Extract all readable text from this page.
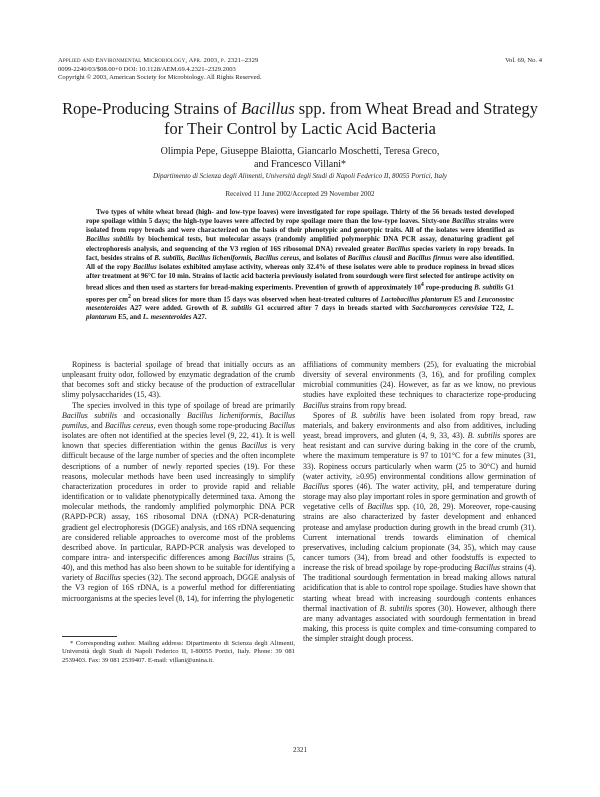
Applied and Environmental Microbiology, Apr. 2003, p. 2321–2329
0099-2240/03/$08.00+0 DOI: 10.1128/AEM.69.4.2321–2329.2003
Copyright © 2003, American Society for Microbiology. All Rights Reserved.
Vol. 69, No. 4
Rope-Producing Strains of Bacillus spp. from Wheat Bread and Strategy for Their Control by Lactic Acid Bacteria
Olimpia Pepe, Giuseppe Blaiotta, Giancarlo Moschetti, Teresa Greco,
and Francesco Villani*
Dipartimento di Scienza degli Alimenti, Università degli Studi di Napoli Federico II, 80055 Portici, Italy
Received 11 June 2002/Accepted 29 November 2002

Two types of white wheat bread (high- and low-type loaves) were investigated for rope spoilage. Thirty of the 56 breads tested developed rope spoilage within 5 days; the high-type loaves were affected by rope spoilage more than the low-type loaves. Sixty-one Bacillus strains were isolated from ropy breads and were characterized on the basis of their phenotypic and genotypic traits. All of the isolates were identified as Bacillus subtilis by biochemical tests, but molecular assays (randomly amplified polymorphic DNA PCR assay, denaturing gradient gel electrophoresis analysis, and sequencing of the V3 region of 16S ribosomal DNA) revealed greater Bacillus species variety in ropy breads. In fact, besides strains of B. subtilis, Bacillus licheniformis, Bacillus cereus, and isolates of Bacillus clausii and Bacillus firmus were also identified. All of the ropy Bacillus isolates exhibited amylase activity, whereas only 32.4% of these isolates were able to produce ropiness in bread slices after treatment at 96°C for 10 min. Strains of lactic acid bacteria previously isolated from sourdough were first selected for antirope activity on bread slices and then used as starters for bread-making experiments. Prevention of growth of approximately $10^4$ rope-producing B. subtilis G1 spores per $cm^2$ on bread slices for more than 15 days was observed when heat-treated cultures of Lactobacillus plantarum E5 and Leuconostoc mesenteroides A27 were added. Growth of B. subtilis G1 occurred after 7 days in breads started with Saccharomyces cerevisiae T22, L. plantarum E5, and L. mesenteroides A27.

Ropiness is bacterial spoilage of bread that initially occurs as an unpleasant fruity odor, followed by enzymatic degradation of the crumb that becomes soft and sticky because of the production of extracellular slimy polysaccharides (15, 43).

The species involved in this type of spoilage of bread are primarily Bacillus subtilis and occasionally Bacillus licheniformis, Bacillus pumilus, and Bacillus cereus, even though some rope-producing Bacillus isolates are often not identified at the species level (9, 22, 41). It is well known that species differentiation within the genus Bacillus is very difficult because of the large number of species and the often incomplete descriptions of a number of newly reported species (19). For these reasons, molecular methods have been used increasingly to simplify characterization procedures in order to provide rapid and reliable identification or to validate phenotypically determined taxa. Among the molecular methods, the randomly amplified polymorphic DNA PCR (RAPD-PCR) assay, 16S ribosomal DNA (rDNA) PCR-denaturing gradient gel electrophoresis (DGGE) analysis, and 16S rDNA sequencing are considered reliable approaches to overcome most of the problems described above. In particular, RAPD-PCR analysis was developed to compare intra- and interspecific differences among Bacillus strains (5, 40), and this method has also been shown to be suitable for identifying a variety of Bacillus species (32). The second approach, DGGE analysis of the V3 region of 16S rDNA, is a powerful method for differentiating microorganisms at the species level (8, 14), for inferring the phylogenetic

affiliations of community members (25), for evaluating the microbial diversity of several environments (3, 16), and for profiling complex microbial communities (24). However, as far as we know, no previous studies have exploited these techniques to characterize rope-producing Bacillus strains from ropy bread.

Spores of B. subtilis have been isolated from ropy bread, raw materials, and bakery environments and also from additives, including yeast, bread improvers, and gluten (4, 9, 33, 43). B. subtilis spores are heat resistant and can survive during baking in the core of the crumb, where the maximum temperature is 97 to 101°C for a few minutes (31, 33). Ropiness occurs particularly when warm (25 to 30°C) and humid (water activity, ≥0.95) environmental conditions allow germination of Bacillus spores (46). The water activity, pH, and temperature during storage may also play important roles in spore germination and growth of vegetative cells of Bacillus spp. (10, 28, 29). Moreover, rope-causing strains are also characterized by faster development and enhanced protease and amylase production during growth in the bread crumb (31). Current international trends towards elimination of chemical preservatives, including calcium propionate (34, 35), which may cause cancer tumors (34), from bread and other foodstuffs is expected to increase the risk of bread spoilage by rope-producing Bacillus strains (4). The traditional sourdough fermentation in bread making allows natural acidification that is able to control rope spoilage. Studies have shown that starting wheat bread with increasing sourdough contents enhances thermal inactivation of B. subtilis spores (30). However, although there are many advantages associated with sourdough fermentation in bread making, this process is quite complex and time-consuming compared to the simpler straight dough process.

* Corresponding author. Mailing address: Dipartimento di Scienza degli Alimenti, Università degli Studi di Napoli Federico II, I-80055 Portici, Italy. Phone: 39 081 2539403. Fax: 39 081 2539407. E-mail: villani@unina.it.

2321
